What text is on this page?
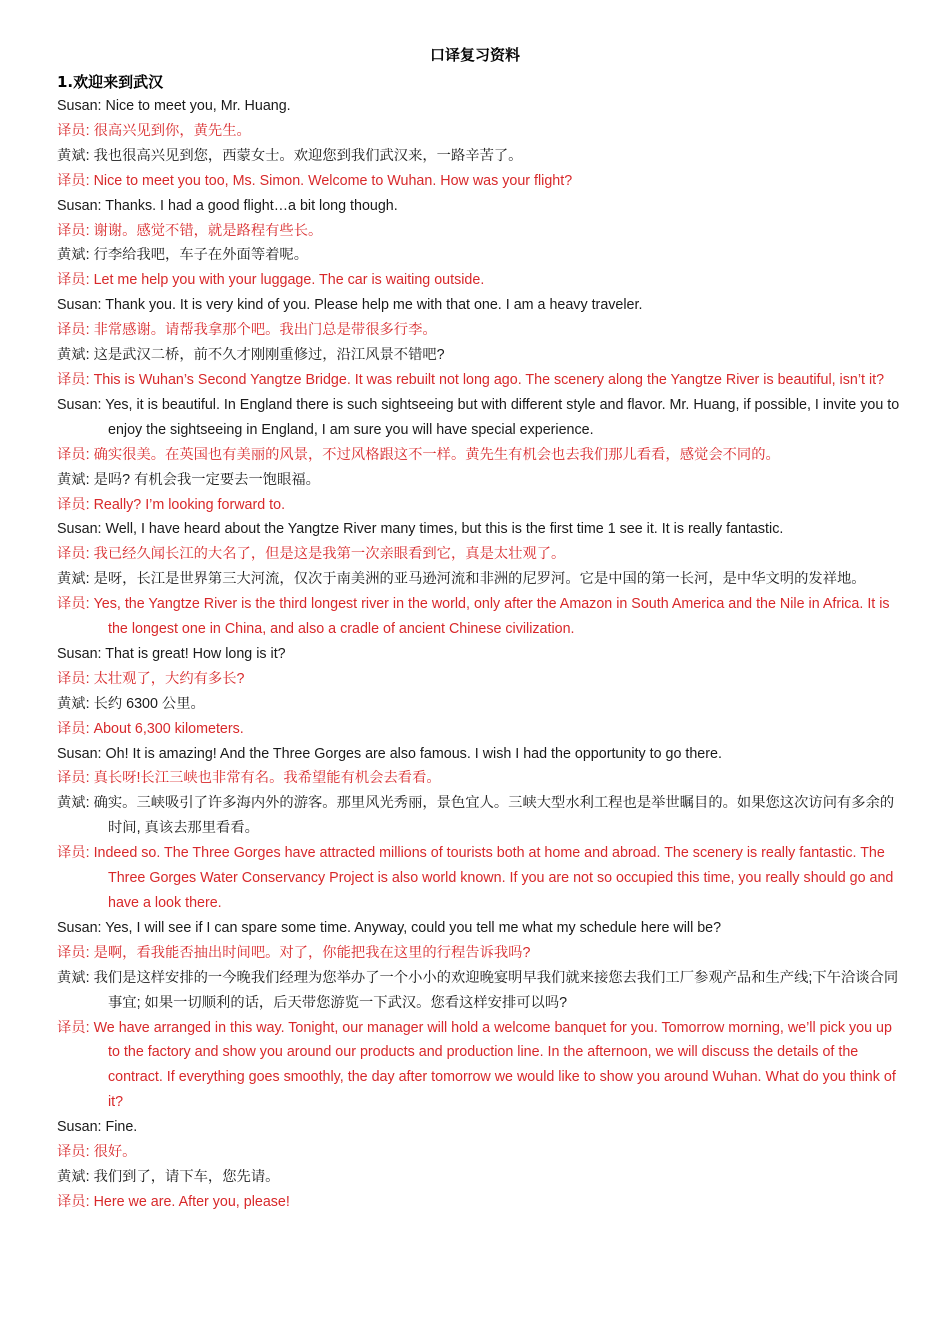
口译复习资料
1.欢迎来到武汉
Susan: Nice to meet you, Mr. Huang.
译员: 很高兴见到你，黄先生。
黄斌: 我也很高兴见到您，西蒙女士。欢迎您到我们武汉来，一路辛苦了。
译员: Nice to meet you too, Ms. Simon. Welcome to Wuhan. How was your flight?
Susan: Thanks. I had a good flight…a bit long though.
译员: 谢谢。感觉不错，就是路程有些长。
黄斌: 行李给我吧，车子在外面等着呢。
译员: Let me help you with your luggage. The car is waiting outside.
Susan: Thank you. It is very kind of you. Please help me with that one. I am a heavy traveler.
译员: 非常感谢。请帮我拿那个吧。我出门总是带很多行李。
黄斌: 这是武汉二桥，前不久才刚刚重修过，沿江风景不错吧?
译员: This is Wuhan’s Second Yangtze Bridge. It was rebuilt not long ago. The scenery along the Yangtze River is beautiful, isn’t it?
Susan: Yes, it is beautiful. In England there is such sightseeing but with different style and flavor. Mr. Huang, if possible, I invite you to enjoy the sightseeing in England, I am sure you will have special experience.
译员: 确实很美。在英国也有美丽的风景，不过风格跟这不一样。黄先生有机会也去我们那儿看看，感觉会不同的。
黄斌: 是吗? 有机会我一定要去一饱眼福。
译员: Really? I’m looking forward to.
Susan: Well, I have heard about the Yangtze River many times, but this is the first time 1 see it. It is really fantastic.
译员: 我已经久闻长江的大名了，但是这是我第一次亲眼看到它，真是太壮观了。
黄斌: 是呀，长江是世界第三大河流，仅次于南美洲的亚马逊河流和非洲的尼罗河。它是中国的第一长河，是中华文明的发祥地。
译员: Yes, the Yangtze River is the third longest river in the world, only after the Amazon in South America and the Nile in Africa. It is the longest one in China, and also a cradle of ancient Chinese civilization.
Susan: That is great! How long is it?
译员: 太壮观了，大约有多长?
黄斌: 长约 6300 公里。
译员: About 6,300 kilometers.
Susan: Oh! It is amazing! And the Three Gorges are also famous. I wish I had the opportunity to go there.
译员: 真长呀!长江三峡也非常有名。我希望能有机会去看看。
黄斌: 确实。三峡吸引了许多海内外的游客。那里风光秀丽，景色宜人。三峡大型水利工程也是举世瞩目的。如果您这次访问有多余的时间, 真该去那里看看。
译员: Indeed so. The Three Gorges have attracted millions of tourists both at home and abroad. The scenery is really fantastic. The Three Gorges Water Conservancy Project is also world known. If you are not so occupied this time, you really should go and have a look there.
Susan: Yes, I will see if I can spare some time. Anyway, could you tell me what my schedule here will be?
译员: 是啊，看我能否抽出时间吧。对了，你能把我在这里的行程告诉我吗?
黄斌: 我们是这样安排的一今晚我们经理为您举办了一个小小的欢迎晚宴明早我们就来接您去我们工厂参观产品和生产线;下午洽谈合同事宜; 如果一切顺利的话，后天带您游览一下武汉。您看这样安排可以吗?
译员: We have arranged in this way. Tonight, our manager will hold a welcome banquet for you. Tomorrow morning, we’ll pick you up to the factory and show you around our products and production line. In the afternoon, we will discuss the details of the contract. If everything goes smoothly, the day after tomorrow we would like to show you around Wuhan. What do you think of it?
Susan: Fine.
译员: 很好。
黄斌: 我们到了，请下车，您先请。
译员: Here we are. After you, please!
